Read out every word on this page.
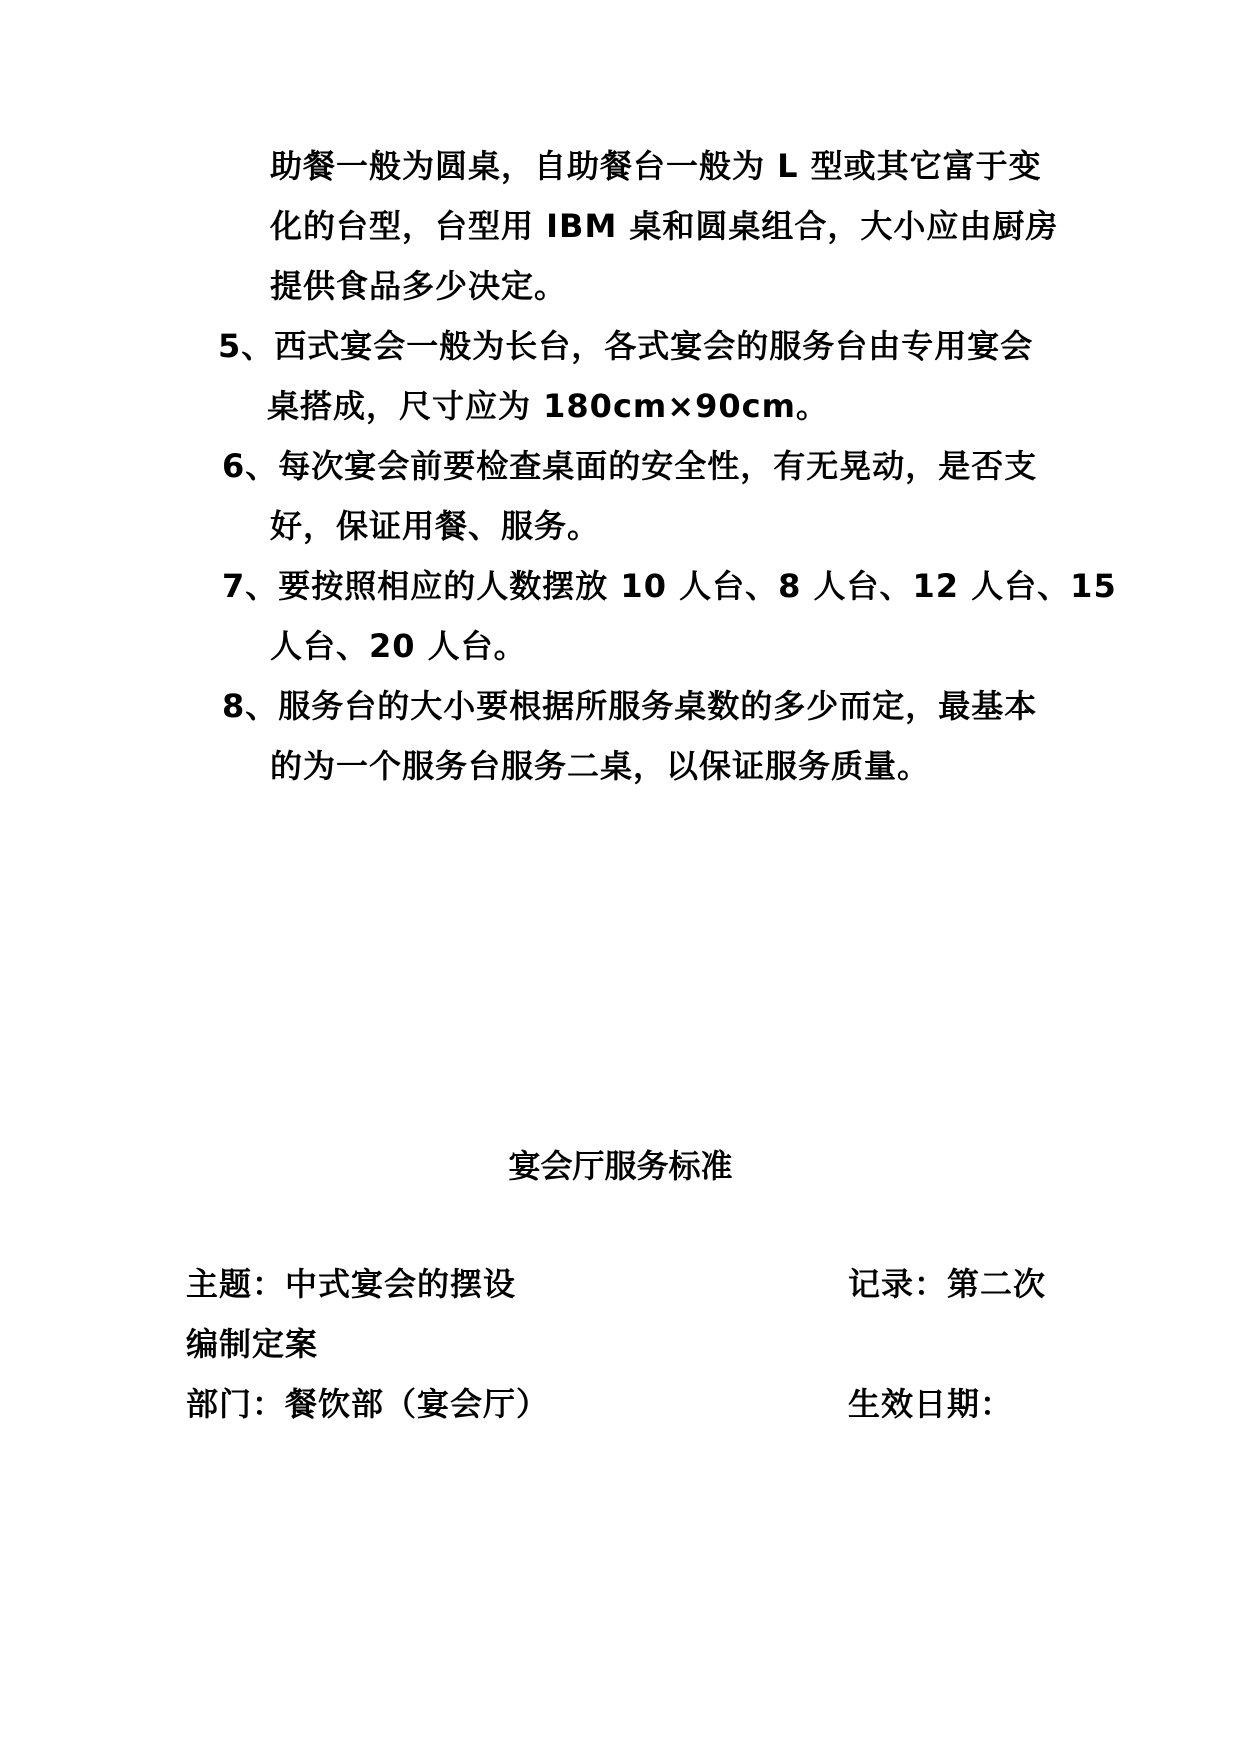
助餐一般为圆桌，自助餐台一般为 L 型或其它富于变
化的台型，台型用 IBM 桌和圆桌组合，大小应由厨房
提供食品多少决定。
5、西式宴会一般为长台，各式宴会的服务台由专用宴会
桌搭成，尺寸应为 180cm×90cm。
6、每次宴会前要检查桌面的安全性，有无晃动，是否支
好，保证用餐、服务。
7、要按照相应的人数摆放 10 人台、8 人台、12 人台、15
人台、20 人台。
8、服务台的大小要根据所服务桌数的多少而定，最基本
的为一个服务台服务二桌，以保证服务质量。
宴会厅服务标准
主题：中式宴会的摆设	记录：第二次
编制定案
部门：餐饮部（宴会厅）	生效日期：
